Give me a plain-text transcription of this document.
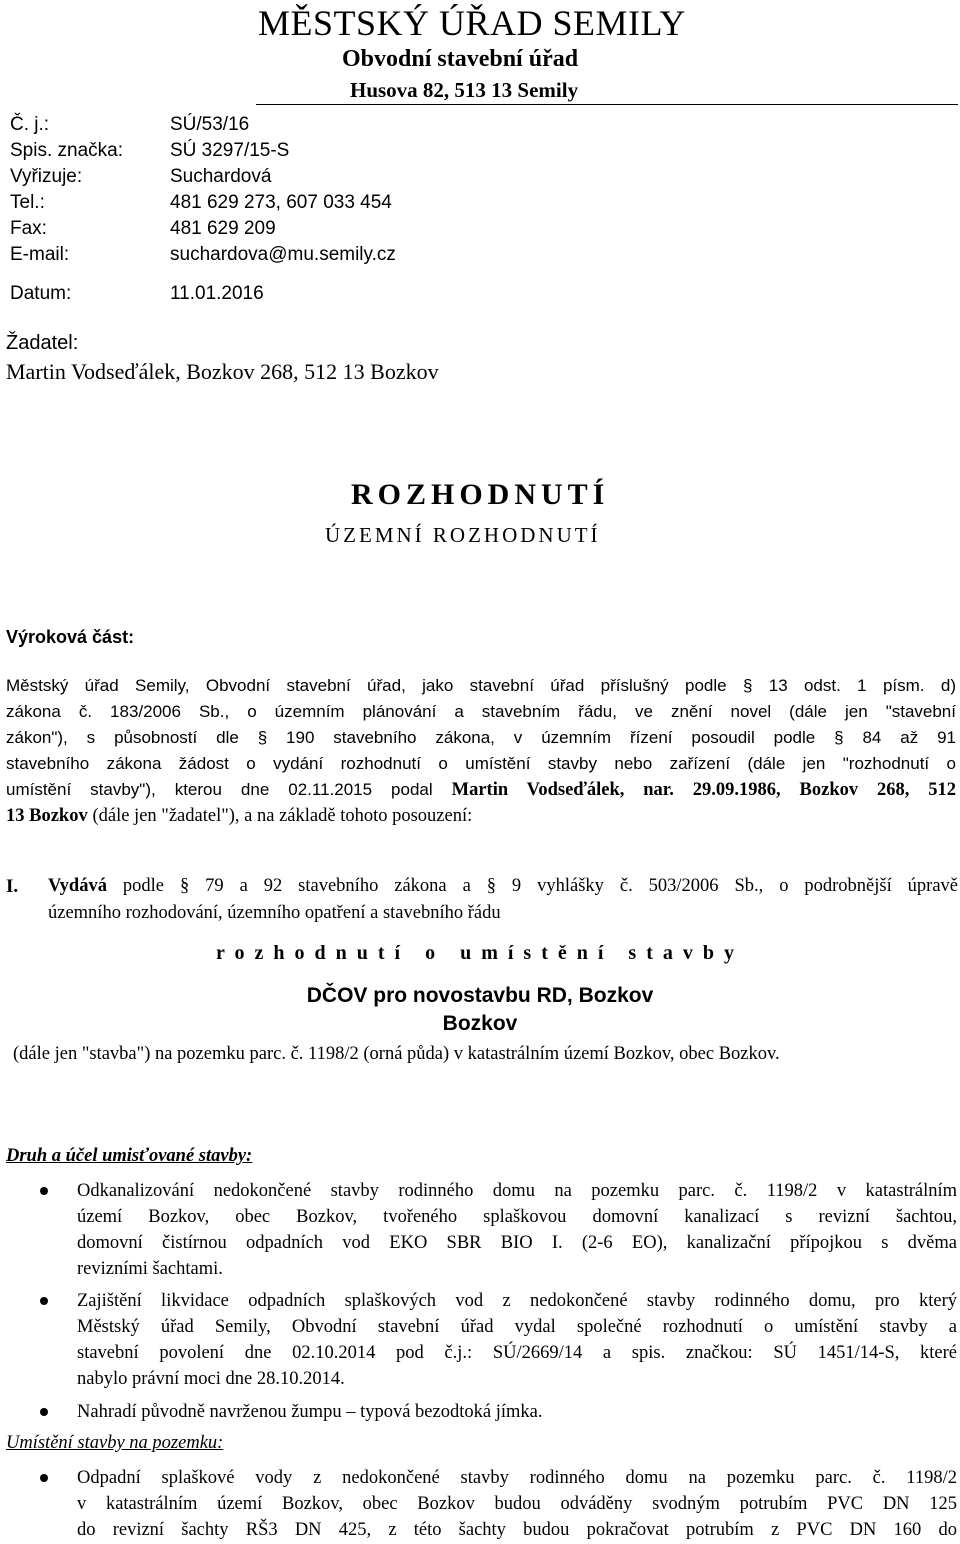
MĚSTSKÝ ÚŘAD SEMILY
Obvodní stavební úřad
Husova 82, 513 13 Semily
Č. j.:	SÚ/53/16
Spis. značka: SÚ 3297/15-S
Vyřizuje:	Suchardová
Tel.:	481 629 273, 607 033 454
Fax:	481 629 209
E-mail:	suchardova@mu.semily.cz
Datum:	11.01.2016
Žadatel:
Martin Vodseďálek, Bozkov 268, 512 13 Bozkov
ROZHODNUTÍ
ÚZEMNÍ ROZHODNUTÍ
Výroková část:
Městský úřad Semily, Obvodní stavební úřad, jako stavební úřad příslušný podle § 13 odst. 1 písm. d)
zákona č. 183/2006 Sb., o územním plánování a stavebním řádu, ve znění novel (dále jen "stavební
zákon"), s působností dle § 190 stavebního zákona, v územním řízení posoudil podle § 84 až 91
stavebního zákona žádost o vydání rozhodnutí o umístění stavby nebo zařízení (dále jen "rozhodnutí o
umístění stavby"), kterou dne 02.11.2015 podal Martin Vodseďálek, nar. 29.09.1986, Bozkov 268, 512
13 Bozkov (dále jen "žadatel"), a na základě tohoto posouzení:
I. Vydává podle § 79 a 92 stavebního zákona a § 9 vyhlášky č. 503/2006 Sb., o podrobnější úpravě
územního rozhodování, územního opatření a stavebního řádu
rozhodnutí o umístění stavby
DČOV pro novostavbu RD, Bozkov
Bozkov
(dále jen "stavba") na pozemku parc. č. 1198/2 (orná půda) v katastrálním území Bozkov, obec Bozkov.
Druh a účel umisťované stavby:
Odkanalizování nedokončené stavby rodinného domu na pozemku parc. č. 1198/2 v katastrálním
území Bozkov, obec Bozkov, tvořeného splaškovou domovní kanalizací s revizní šachtou,
domovní čistírnou odpadních vod EKO SBR BIO I. (2-6 EO), kanalizační přípojkou s dvěma
revizními šachtami.
Zajištění likvidace odpadních splaškových vod z nedokončené stavby rodinného domu, pro který
Městský úřad Semily, Obvodní stavební úřad vydal společné rozhodnutí o umístění stavby a
stavební povolení dne 02.10.2014 pod č.j.: SÚ/2669/14 a spis. značkou: SÚ 1451/14-S, které
nabylo právní moci dne 28.10.2014.
Nahradí původně navrženou žumpu – typová bezodtoká jímka.
Umístění stavby na pozemku:
Odpadní splaškové vody z nedokončené stavby rodinného domu na pozemku parc. č. 1198/2
v katastrálním území Bozkov, obec Bozkov budou odváděny svodným potrubím PVC DN 125
do revizní šachty RŠ3 DN 425, z této šachty budou pokračovat potrubím z PVC DN 160 do
